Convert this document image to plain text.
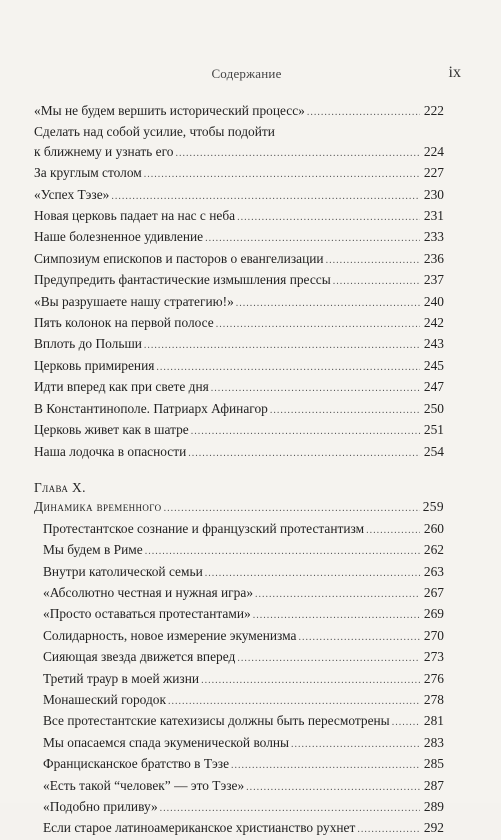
Содержание	ix
«Мы не будем вершить исторический процесс» .....	222
Сделать над собой усилие, чтобы подойти
к ближнему и узнать его .....	224
За круглым столом .....	227
«Успех Тэзе» .....	230
Новая церковь падает на нас с неба .....	231
Наше болезненное удивление .....	233
Симпозиум епископов и пасторов о евангелизации .....	236
Предупредить фантастические измышления прессы .....	237
«Вы разрушаете нашу стратегию!» .....	240
Пять колонок на первой полосе .....	242
Вплоть до Польши .....	243
Церковь примирения .....	245
Идти вперед как при свете дня .....	247
В Константинополе. Патриарх Афинагор .....	250
Церковь живет как в шатре .....	251
Наша лодочка в опасности .....	254
Глава X.
Динамика временного .....	259
Протестантское сознание и французский протестантизм .....	260
Мы будем в Риме .....	262
Внутри католической семьи .....	263
«Абсолютно честная и нужная игра» .....	267
«Просто оставаться протестантами» .....	269
Солидарность, новое измерение экуменизма .....	270
Сияющая звезда движется вперед .....	273
Третий траур в моей жизни .....	276
Монашеский городок .....	278
Все протестантские катехизисы должны быть пересмотрены .....	281
Мы опасаемся спада экуменической волны .....	283
Францисканское братство в Тэзе .....	285
«Есть такой “человек” — это Тэзе» .....	287
«Подобно приливу» .....	289
Если старое латиноамериканское христианство рухнет .....	292
